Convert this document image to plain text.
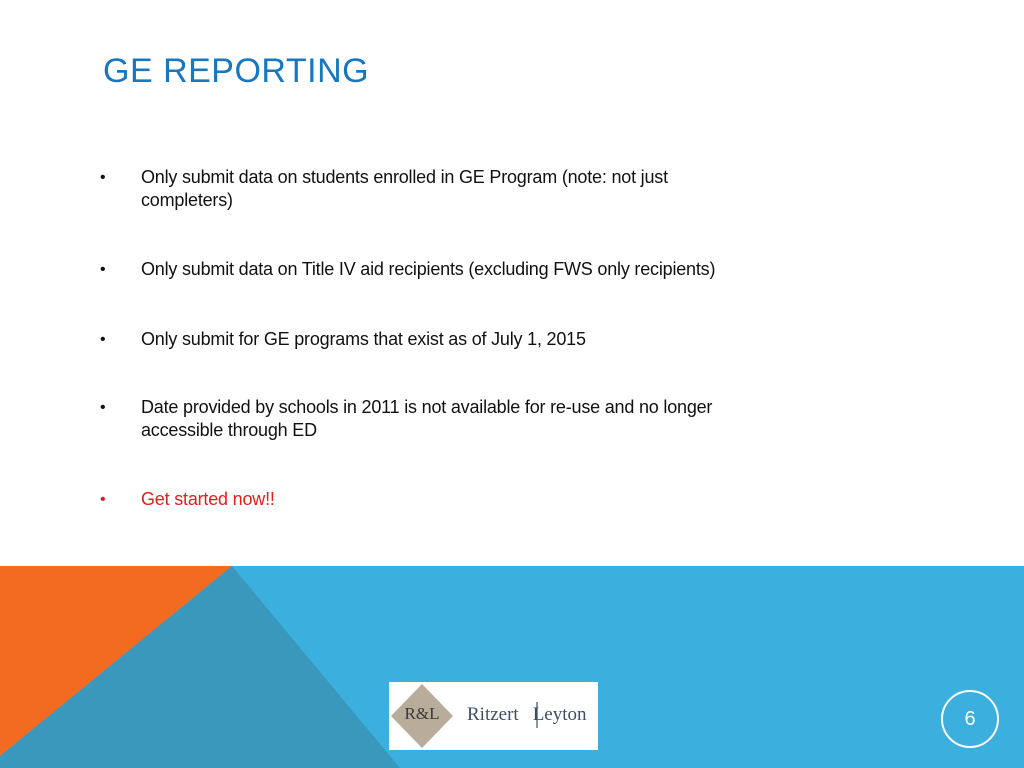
GE REPORTING
•	Only submit data on students enrolled in GE Program (note: not just
completers)
•	Only submit data on Title IV aid recipients (excluding FWS only recipients)
•	Only submit for GE programs that exist as of July 1, 2015
•	Date provided by schools in 2011 is not available for re-use and no longer
accessible through ED
•	Get started now!!
R&L	Ritzert Leyton	6
